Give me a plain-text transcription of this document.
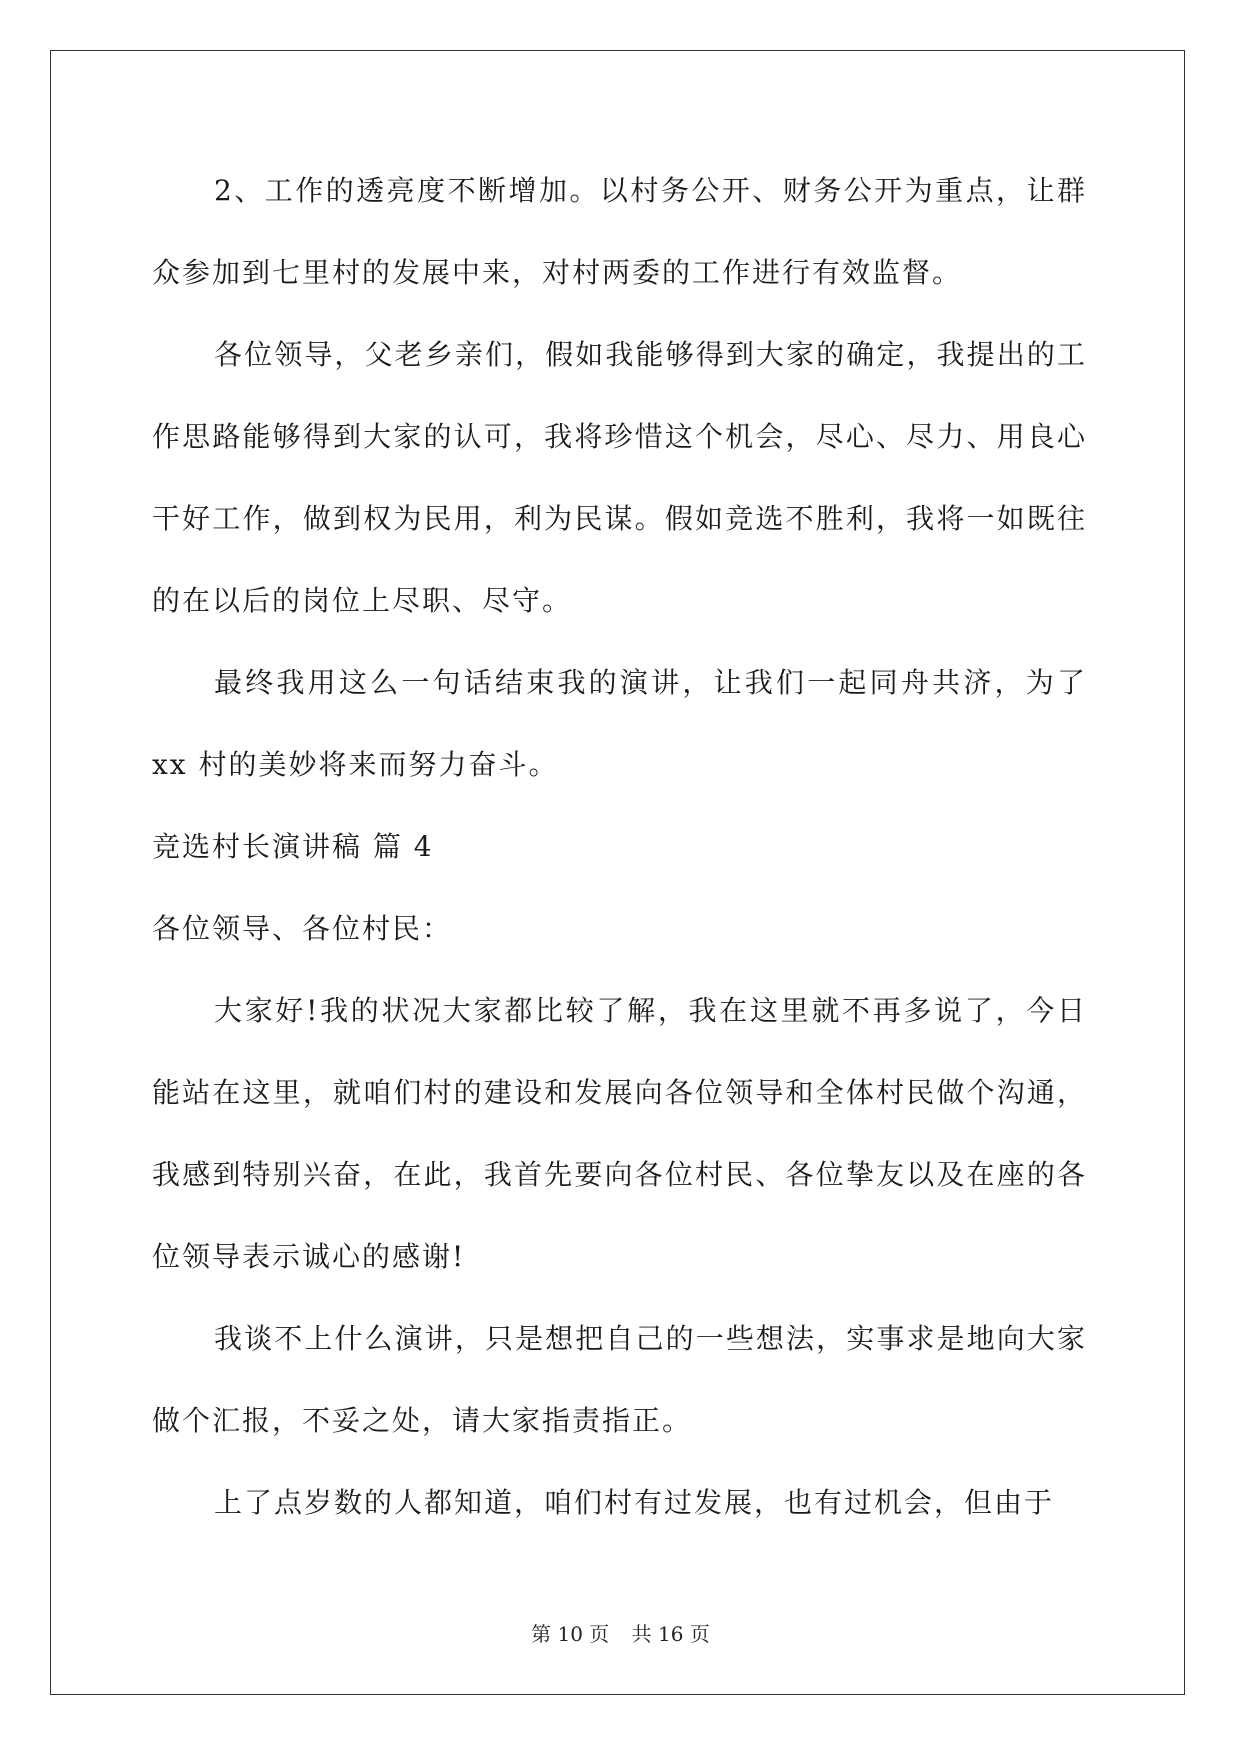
2、工作的透亮度不断增加。以村务公开、财务公开为重点，让群众参加到七里村的发展中来，对村两委的工作进行有效监督。

各位领导，父老乡亲们，假如我能够得到大家的确定，我提出的工作思路能够得到大家的认可，我将珍惜这个机会，尽心、尽力、用良心干好工作，做到权为民用，利为民谋。假如竞选不胜利，我将一如既往的在以后的岗位上尽职、尽守。

最终我用这么一句话结束我的演讲，让我们一起同舟共济，为了 xx 村的美妙将来而努力奋斗。

竞选村长演讲稿 篇 4

各位领导、各位村民：

大家好!我的状况大家都比较了解，我在这里就不再多说了，今日能站在这里，就咱们村的建设和发展向各位领导和全体村民做个沟通，我感到特别兴奋，在此，我首先要向各位村民、各位挚友以及在座的各位领导表示诚心的感谢!

我谈不上什么演讲，只是想把自己的一些想法，实事求是地向大家做个汇报，不妥之处，请大家指责指正。

上了点岁数的人都知道，咱们村有过发展，也有过机会，但由于

第 10 页 共 16 页
